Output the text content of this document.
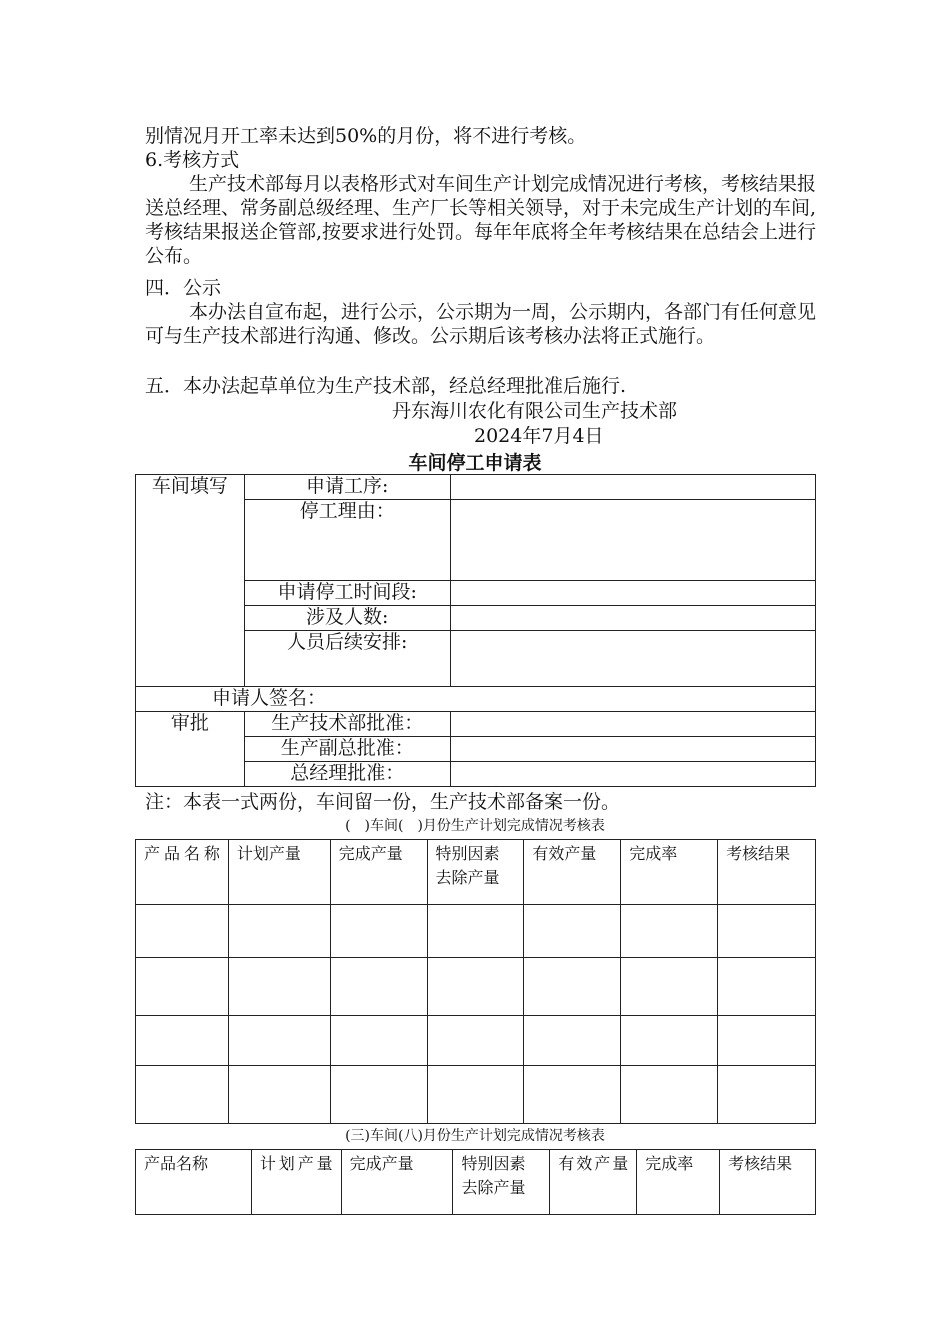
别情况月开工率未达到50%的月份，将不进行考核。
6.考核方式
生产技术部每月以表格形式对车间生产计划完成情况进行考核，考核结果报送总经理、常务副总级经理、生产厂长等相关领导，对于未完成生产计划的车间,考核结果报送企管部,按要求进行处罚。每年年底将全年考核结果在总结会上进行公布。
四．公示
本办法自宣布起，进行公示，公示期为一周，公示期内，各部门有任何意见可与生产技术部进行沟通、修改。公示期后该考核办法将正式施行。
五．本办法起草单位为生产技术部，经总经理批准后施行.
丹东海川农化有限公司生产技术部
2024年7月4日
车间停工申请表
车间填写	申请工序:	
	停工理由：	
	申请停工时间段:	
	涉及人数:	
	人员后续安排:	
申请人签名：		
审批	生产技术部批准：	
	生产副总批准：	
	总经理批准：	
注：本表一式两份，车间留一份，生产技术部备案一份。
(　)车间(　)月份生产计划完成情况考核表
产品名称	计划产量	完成产量	特别因素去除产量	有效产量	完成率	考核结果

(三)车间(八)月份生产计划完成情况考核表
产品名称	计划产量	完成产量	特别因素去除产量	有效产量	完成率	考核结果
